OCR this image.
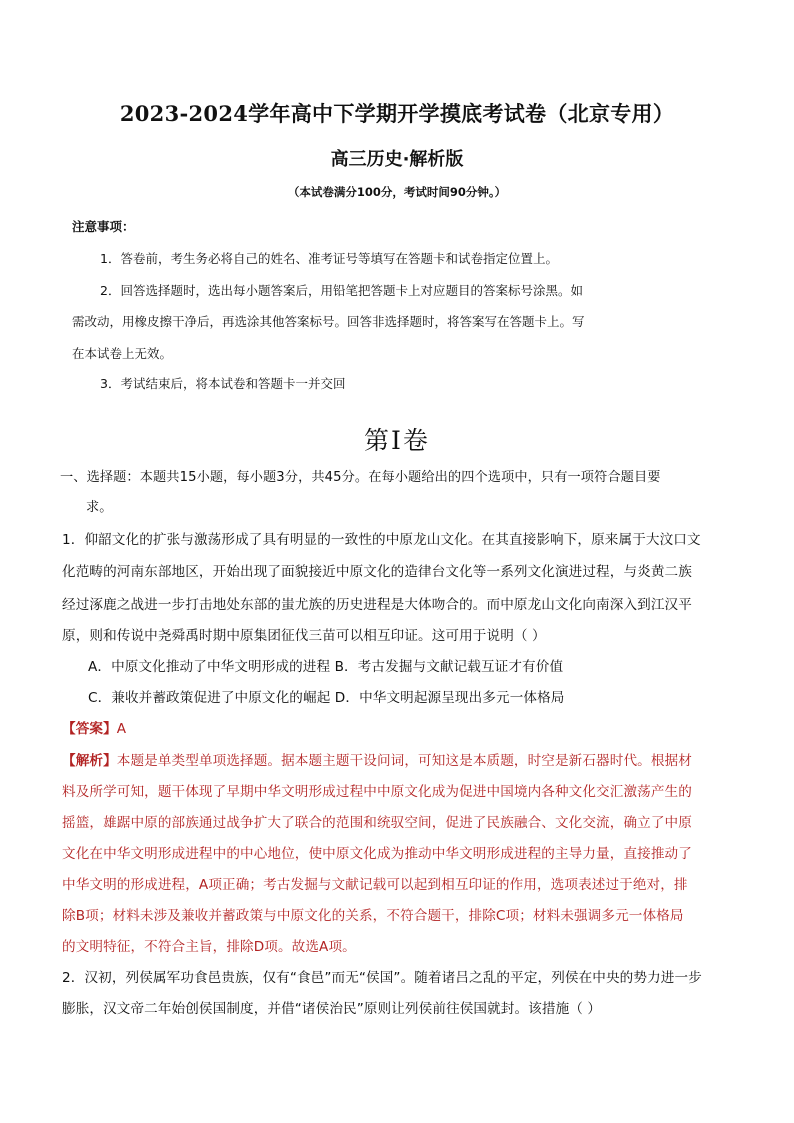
2023-2024学年高中下学期开学摸底考试卷（北京专用）
高三历史·解析版
（本试卷满分100分，考试时间90分钟。）
注意事项：
1．答卷前，考生务必将自己的姓名、准考证号等填写在答题卡和试卷指定位置上。
2．回答选择题时，选出每小题答案后，用铅笔把答题卡上对应题目的答案标号涂黑。如
需改动，用橡皮擦干净后，再选涂其他答案标号。回答非选择题时，将答案写在答题卡上。写
在本试卷上无效。
3．考试结束后，将本试卷和答题卡一并交回
第Ⅰ卷
一、选择题：本题共15小题，每小题3分，共45分。在每小题给出的四个选项中，只有一项符合题目要
求。
1．仰韶文化的扩张与激荡形成了具有明显的一致性的中原龙山文化。在其直接影响下，原来属于大汶口文
化范畴的河南东部地区，开始出现了面貌接近中原文化的造律台文化等一系列文化演进过程，与炎黄二族
经过涿鹿之战进一步打击地处东部的蚩尤族的历史进程是大体吻合的。而中原龙山文化向南深入到江汉平
原，则和传说中尧舜禹时期中原集团征伐三苗可以相互印证。这可用于说明（ ）
A．中原文化推动了中华文明形成的进程 B．考古发掘与文献记载互证才有价值
C．兼收并蓄政策促进了中原文化的崛起 D．中华文明起源呈现出多元一体格局
【答案】A
【解析】本题是单类型单项选择题。据本题主题干设问词，可知这是本质题，时空是新石器时代。根据材
料及所学可知，题干体现了早期中华文明形成过程中中原文化成为促进中国境内各种文化交汇激荡产生的
摇篮，雄踞中原的部族通过战争扩大了联合的范围和统驭空间，促进了民族融合、文化交流，确立了中原
文化在中华文明形成进程中的中心地位，使中原文化成为推动中华文明形成进程的主导力量，直接推动了
中华文明的形成进程，A项正确；考古发掘与文献记载可以起到相互印证的作用，选项表述过于绝对，排
除B项；材料未涉及兼收并蓄政策与中原文化的关系，不符合题干，排除C项；材料未强调多元一体格局
的文明特征，不符合主旨，排除D项。故选A项。
2．汉初，列侯属军功食邑贵族，仅有“食邑”而无“侯国”。随着诸吕之乱的平定，列侯在中央的势力进一步
膨胀，汉文帝二年始创侯国制度，并借“诸侯治民”原则让列侯前往侯国就封。该措施（ ）
